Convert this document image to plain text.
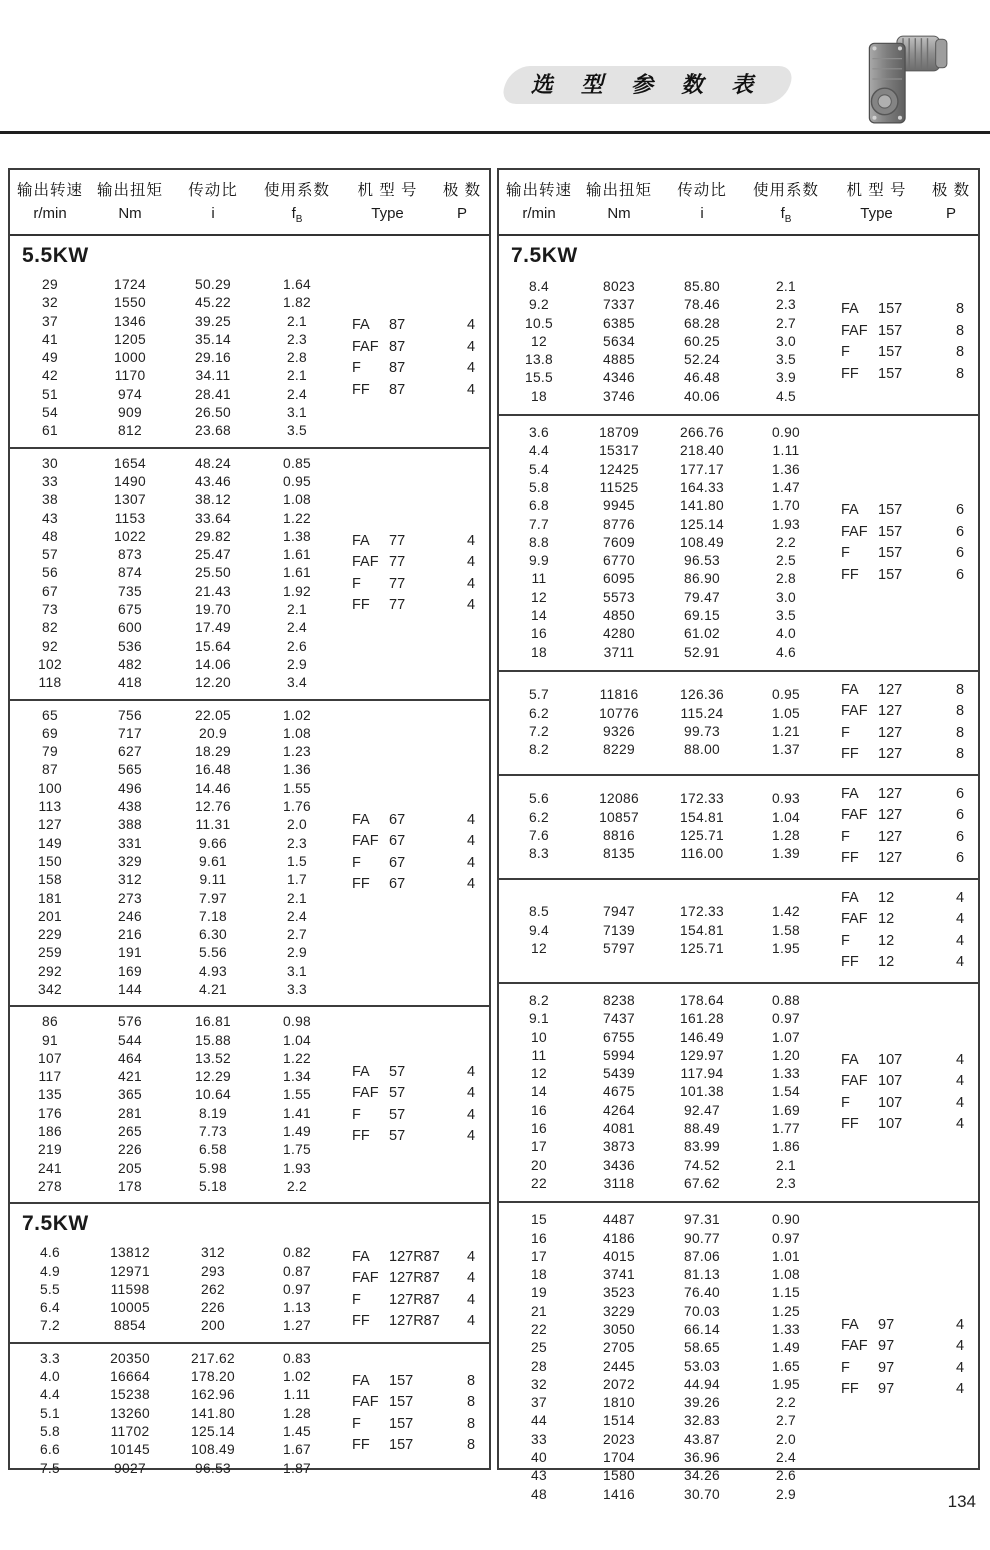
选 型 参 数 表
输出转速 输出扭矩	传动比	使用系数	机 型 号	极 数
r/min	Nm	i	$f_B$	Type	P
5.5KW
29	1724	50.29	1.64
32	1550	45.22	1.82
37	1346	39.25	2.1
41	1205	35.14	2.3
49	1000	29.16	2.8
42	1170	34.11	2.1
51	974	28.41	2.4
54	909	26.50	3.1
61	812	23.68	3.5
FA	87	4
FAF 87	4
F	87	4
FF	87	4
30	1654	48.24	0.85
33	1490	43.46	0.95
38	1307	38.12	1.08
43	1153	33.64	1.22
48	1022	29.82	1.38
57	873	25.47	1.61
56	874	25.50	1.61
67	735	21.43	1.92
73	675	19.70	2.1
82	600	17.49	2.4
92	536	15.64	2.6
102	482	14.06	2.9
118	418	12.20	3.4
FA	77	4
FAF 77	4
F	77	4
FF	77	4
65	756	22.05	1.02
69	717	20.9	1.08
79	627	18.29	1.23
87	565	16.48	1.36
100	496	14.46	1.55
113	438	12.76	1.76
127	388	11.31	2.0
149	331	9.66	2.3
150	329	9.61	1.5
158	312	9.11	1.7
181	273	7.97	2.1
201	246	7.18	2.4
229	216	6.30	2.7
259	191	5.56	2.9
292	169	4.93	3.1
342	144	4.21	3.3
FA	67	4
FAF 67	4
F	67	4
FF	67	4
86	576	16.81	0.98
91	544	15.88	1.04
107	464	13.52	1.22
117	421	12.29	1.34
135	365	10.64	1.55
176	281	8.19	1.41
186	265	7.73	1.49
219	226	6.58	1.75
241	205	5.98	1.93
278	178	5.18	2.2
FA	57	4
FAF 57	4
F	57	4
FF	57	4
7.5KW
4.6	13812	312	0.82
4.9	12971	293	0.87
5.5	11598	262	0.97
6.4	10005	226	1.13
7.2	8854	200	1.27
FA	127R87	4
FAF 127R87	4
F	127R87	4
FF	127R87	4
3.3	20350	217.62	0.83
4.0	16664	178.20	1.02
4.4	15238	162.96	1.11
5.1	13260	141.80	1.28
5.8	11702	125.14	1.45
6.6	10145	108.49	1.67
7.5	9027	96.53	1.87
FA	157	8
FAF 157	8
F	157	8
FF	157	8
输出转速 输出扭矩	传动比	使用系数	机 型 号	极 数
r/min	Nm	i	$f_B$	Type	P
7.5KW
8.4	8023	85.80	2.1
9.2	7337	78.46	2.3
10.5	6385	68.28	2.7
12	5634	60.25	3.0
13.8	4885	52.24	3.5
15.5	4346	46.48	3.9
18	3746	40.06	4.5
FA	157	8
FAF 157	8
F	157	8
FF	157	8
3.6	18709	266.76	0.90
4.4	15317	218.40	1.11
5.4	12425	177.17	1.36
5.8	11525	164.33	1.47
6.8	9945	141.80	1.70
7.7	8776	125.14	1.93
8.8	7609	108.49	2.2
9.9	6770	96.53	2.5
11	6095	86.90	2.8
12	5573	79.47	3.0
14	4850	69.15	3.5
16	4280	61.02	4.0
18	3711	52.91	4.6
FA	157	6
FAF 157	6
F	157	6
FF	157	6
5.7	11816	126.36	0.95
6.2	10776	115.24	1.05
7.2	9326	99.73	1.21
8.2	8229	88.00	1.37
FA	127	8
FAF 127	8
F	127	8
FF	127	8
5.6	12086	172.33	0.93
6.2	10857	154.81	1.04
7.6	8816	125.71	1.28
8.3	8135	116.00	1.39
FA	127	6
FAF 127	6
F	127	6
FF	127	6
8.5	7947	172.33	1.42
9.4	7139	154.81	1.58
12	5797	125.71	1.95
FA	12	4
FAF 12	4
F	12	4
FF	12	4
8.2	8238	178.64	0.88
9.1	7437	161.28	0.97
10	6755	146.49	1.07
11	5994	129.97	1.20
12	5439	117.94	1.33
14	4675	101.38	1.54
16	4264	92.47	1.69
16	4081	88.49	1.77
17	3873	83.99	1.86
20	3436	74.52	2.1
22	3118	67.62	2.3
FA	107	4
FAF 107	4
F	107	4
FF	107	4
15	4487	97.31	0.90
16	4186	90.77	0.97
17	4015	87.06	1.01
18	3741	81.13	1.08
19	3523	76.40	1.15
21	3229	70.03	1.25
22	3050	66.14	1.33
25	2705	58.65	1.49
28	2445	53.03	1.65
32	2072	44.94	1.95
37	1810	39.26	2.2
44	1514	32.83	2.7
33	2023	43.87	2.0
40	1704	36.96	2.4
43	1580	34.26	2.6
48	1416	30.70	2.9
FA	97	4
FAF 97	4
F	97	4
FF	97	4
134
